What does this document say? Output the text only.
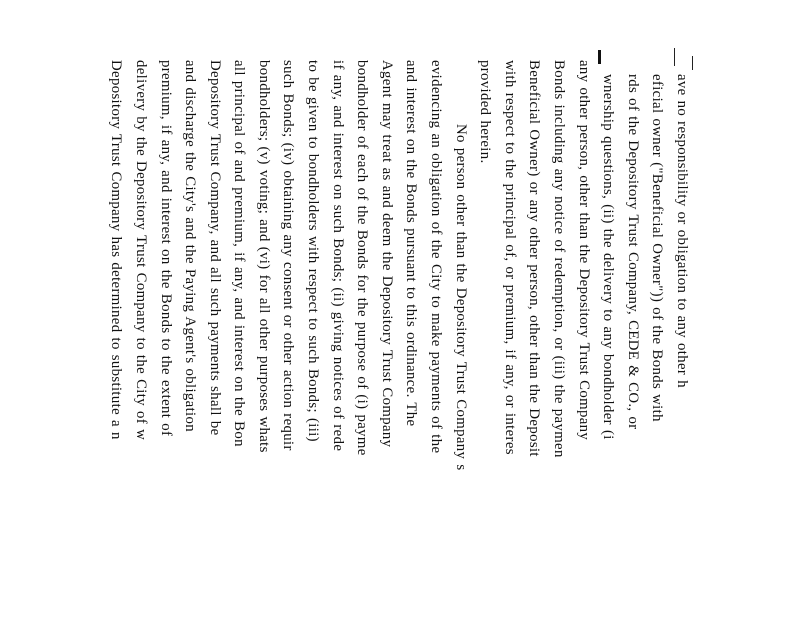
ave no responsibility or obligation to any other h
eficial owner ("Beneficial Owner")) of the Bonds with
rds of the Depository Trust Company, CEDE & CO., or
wnership questions, (ii) the delivery to any bondholder (i
any other person, other than the Depository Trust Company
Bonds including any notice of redemption, or (iii) the paymen
Beneficial Owner) or any other person, other than the Deposit
with respect to the principal of, or premium, if any, or interes
provided herein.
No person other than the Depository Trust Company s
evidencing an obligation of the City to make payments of the
and interest on the Bonds pursuant to this ordinance. The
Agent may treat as and deem the Depository Trust Company
bondholder of each of the Bonds for the purpose of (i) payme
if any, and interest on such Bonds; (ii) giving notices of rede
to be given to bondholders with respect to such Bonds; (iii)
such Bonds; (iv) obtaining any consent or other action requir
bondholders; (v) voting; and (vi) for all other purposes whats
all principal of and premium, if any, and interest on the Bon
Depository Trust Company, and all such payments shall be
and discharge the City's and the Paying Agent's obligation
premium, if any, and interest on the Bonds to the extent of
delivery by the Depository Trust Company to the City of w
Depository Trust Company has determined to substitute a n
